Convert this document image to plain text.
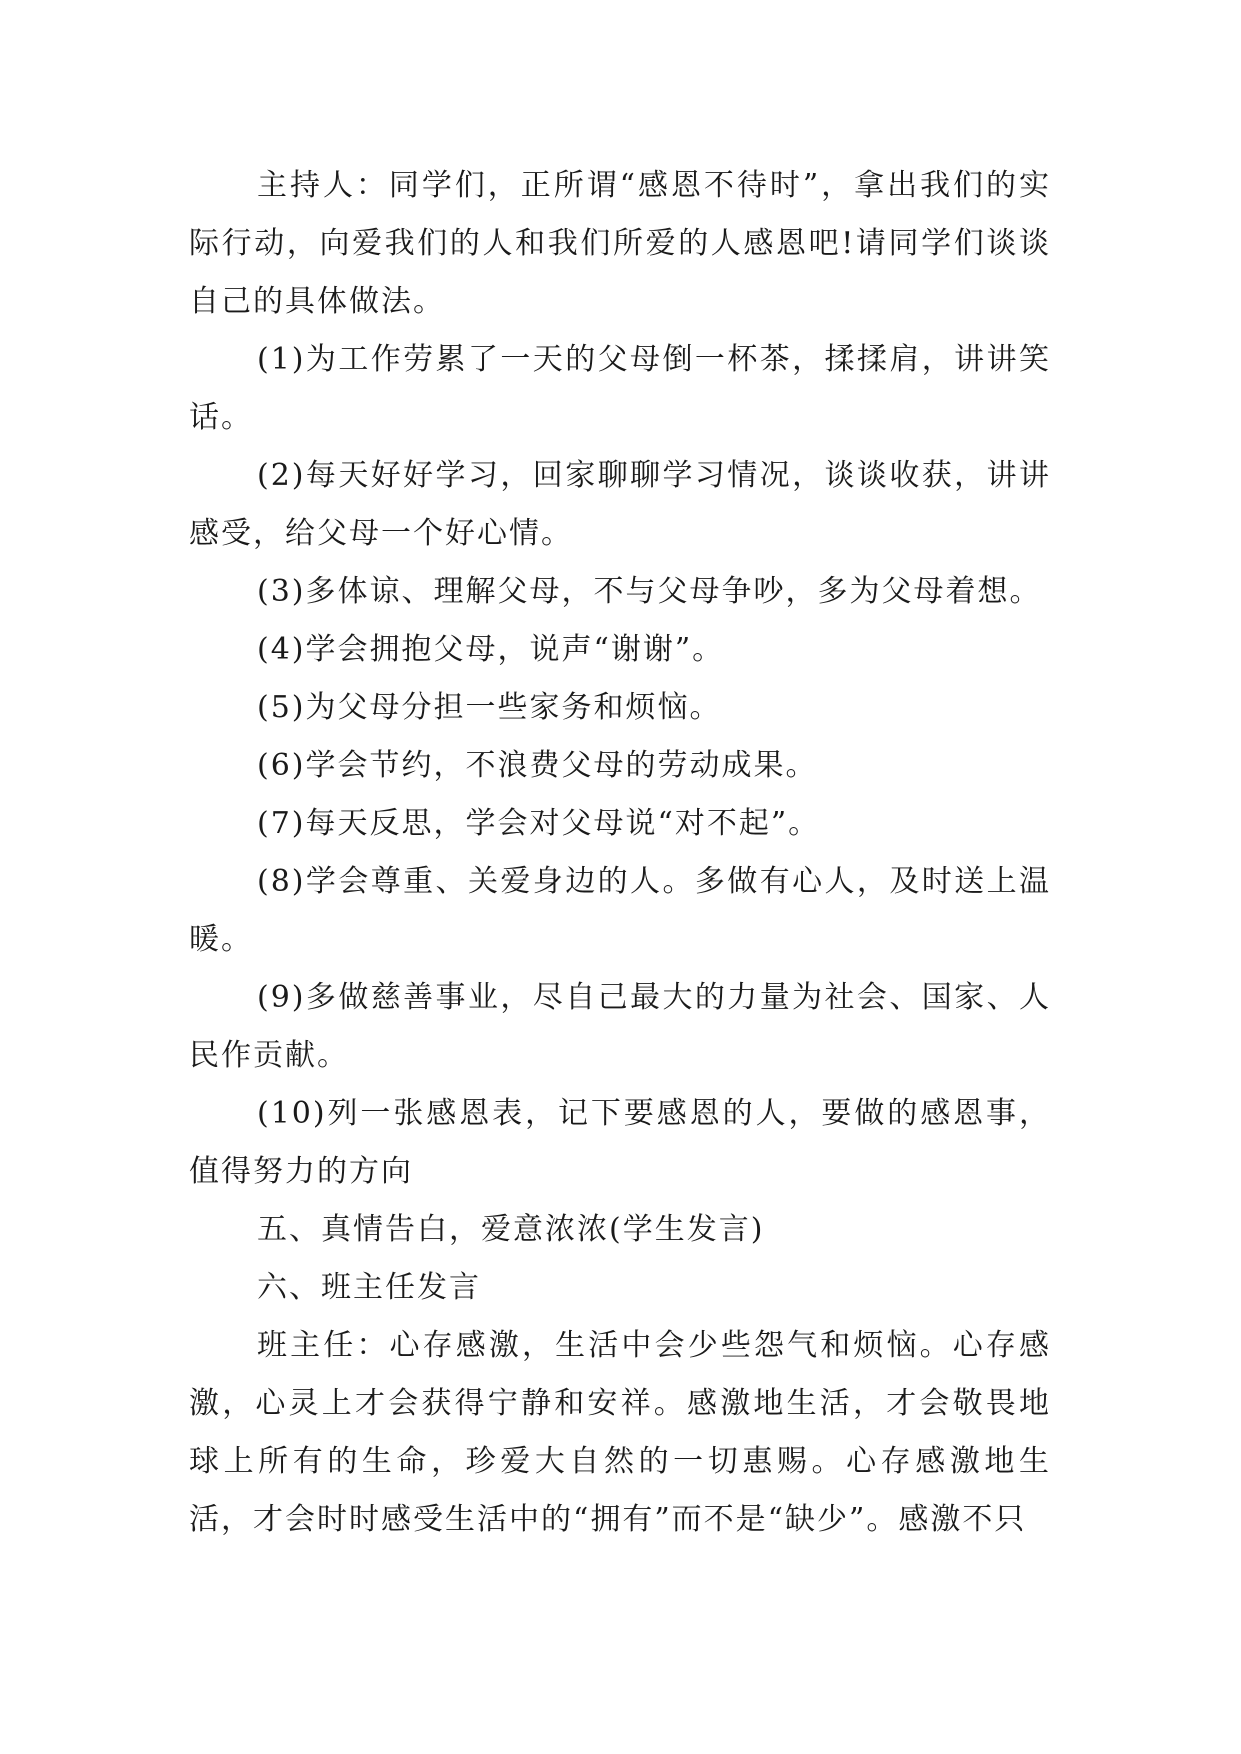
主持人：同学们，正所谓“感恩不待时”，拿出我们的实际行动，向爱我们的人和我们所爱的人感恩吧!请同学们谈谈自己的具体做法。

(1)为工作劳累了一天的父母倒一杯茶，揉揉肩，讲讲笑话。

(2)每天好好学习，回家聊聊学习情况，谈谈收获，讲讲感受，给父母一个好心情。

(3)多体谅、理解父母，不与父母争吵，多为父母着想。

(4)学会拥抱父母，说声“谢谢”。

(5)为父母分担一些家务和烦恼。

(6)学会节约，不浪费父母的劳动成果。

(7)每天反思，学会对父母说“对不起”。

(8)学会尊重、关爱身边的人。多做有心人，及时送上温暖。

(9)多做慈善事业，尽自己最大的力量为社会、国家、人民作贡献。

(10)列一张感恩表，记下要感恩的人，要做的感恩事，值得努力的方向

五、真情告白，爱意浓浓(学生发言)

六、班主任发言

班主任：心存感激，生活中会少些怨气和烦恼。心存感激，心灵上才会获得宁静和安祥。感激地生活，才会敬畏地球上所有的生命，珍爱大自然的一切惠赐。心存感激地生活，才会时时感受生活中的“拥有”而不是“缺少”。感激不只
